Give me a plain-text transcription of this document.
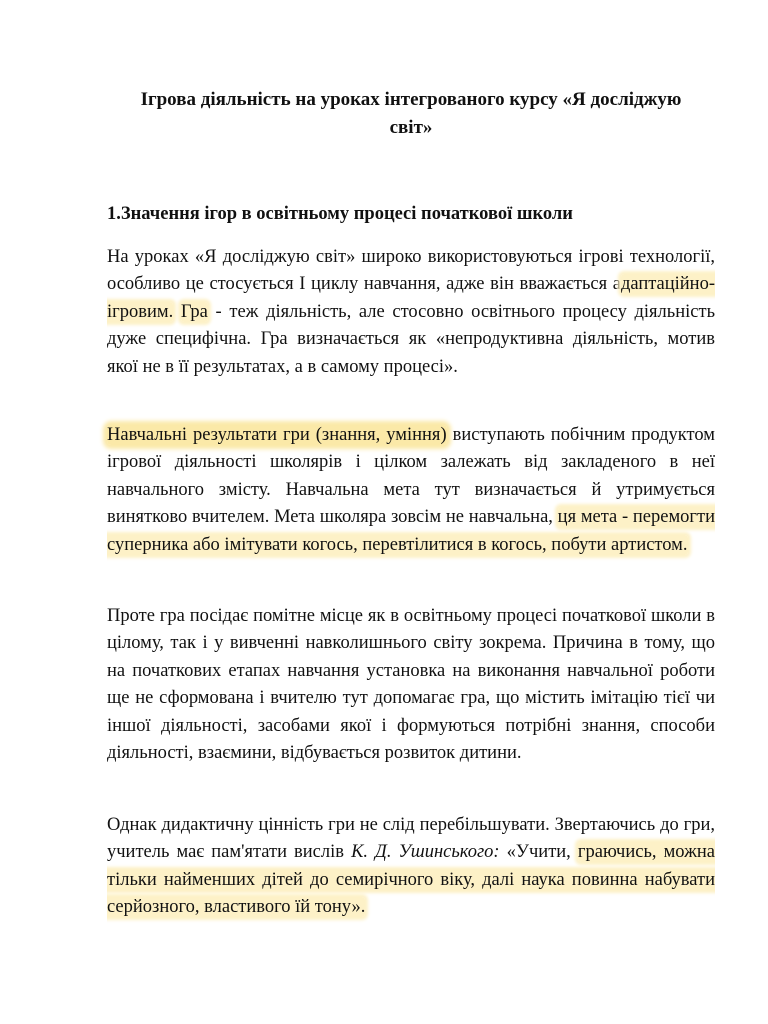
Ігрова діяльність на уроках інтегрованого курсу «Я досліджую
світ»
1.Значення ігор в освітньому процесі початкової школи

На уроках «Я досліджую світ» широко використовуються ігрові технології, особливо це стосується І циклу навчання, адже він вважається адаптаційно-ігровим. Гра - теж діяльність, але стосовно освітнього процесу діяльність дуже специфічна. Гра визначається як «непродуктивна діяльність, мотив якої не в її результатах, а в самому процесі».

Навчальні результати гри (знання, уміння) виступають побічним продуктом ігрової діяльності школярів і цілком залежать від закладеного в неї навчального змісту. Навчальна мета тут визначається й утримується винятково вчителем. Мета школяра зовсім не навчальна, ця мета - перемогти суперника або імітувати когось, перевтілитися в когось, побути артистом.

Проте гра посідає помітне місце як в освітньому процесі початкової школи в цілому, так і у вивченні навколишнього світу зокрема. Причина в тому, що на початкових етапах навчання установка на виконання навчальної роботи ще не сформована і вчителю тут допомагає гра, що містить імітацію тієї чи іншої діяльності, засобами якої і формуються потрібні знання, способи діяльності, взаємини, відбувається розвиток дитини.

Однак дидактичну цінність гри не слід перебільшувати. Звертаючись до гри, учитель має пам'ятати вислів К. Д. Ушинського: «Учити, граючись, можна тільки найменших дітей до семирічного віку, далі наука повинна набувати серйозного, властивого їй тону».
